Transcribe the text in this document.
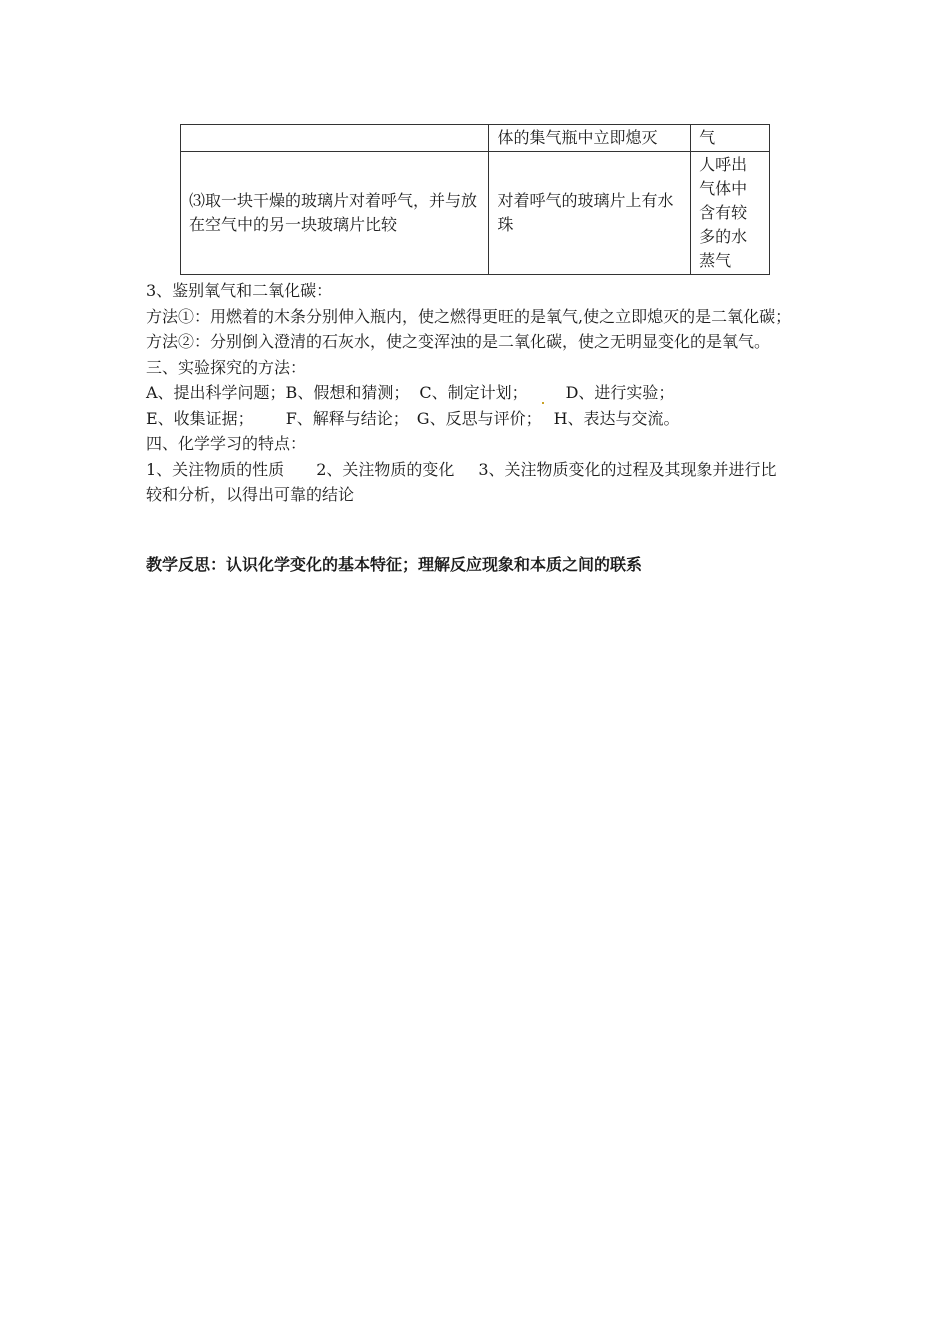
	体的集气瓶中立即熄灭	气
⑶取一块干燥的玻璃片对着呼气，并与放在空气中的另一块玻璃片比较	对着呼气的玻璃片上有水珠	人呼出气体中含有较多的水蒸气
3、鉴别氧气和二氧化碳：
方法①：用燃着的木条分别伸入瓶内，使之燃得更旺的是氧气,使之立即熄灭的是二氧化碳；
方法②：分别倒入澄清的石灰水，使之变浑浊的是二氧化碳，使之无明显变化的是氧气。
三、实验探究的方法：
A、提出科学问题；B、假想和猜测； C、制定计划； D、进行实验；
E、收集证据； F、解释与结论； G、反思与评价； H、表达与交流。
四、化学学习的特点：
1、关注物质的性质 2、关注物质的变化 3、关注物质变化的过程及其现象并进行比
较和分析，以得出可靠的结论
教学反思：认识化学变化的基本特征；理解反应现象和本质之间的联系
